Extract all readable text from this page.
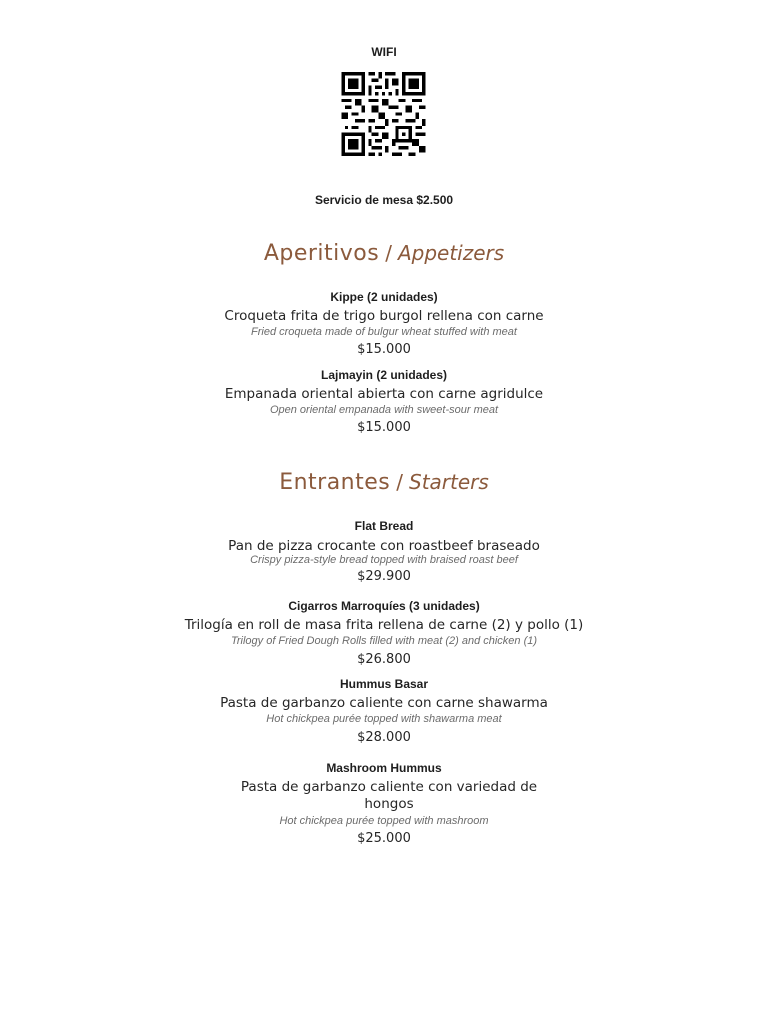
WIFI
Servicio de mesa $2.500
Aperitivos / Appetizers
Kippe (2 unidades)
Croqueta frita de trigo burgol rellena con carne
Fried croqueta made of bulgur wheat stuffed with meat
$15.000
Lajmayin (2 unidades)
Empanada oriental abierta con carne agridulce
Open oriental empanada with sweet-sour meat
$15.000
Entrantes / Starters
Flat Bread
Pan de pizza crocante con roastbeef braseado
Crispy pizza-style bread topped with braised roast beef
$29.900
Cigarros Marroquíes (3 unidades)
Trilogía en roll de masa frita rellena de carne (2) y pollo (1)
Trilogy of Fried Dough Rolls filled with meat (2) and chicken (1)
$26.800
Hummus Basar
Pasta de garbanzo caliente con carne shawarma
Hot chickpea purée topped with shawarma meat
$28.000
Mashroom Hummus
Pasta de garbanzo caliente con variedad de hongos
Hot chickpea purée topped with mashroom
$25.000
